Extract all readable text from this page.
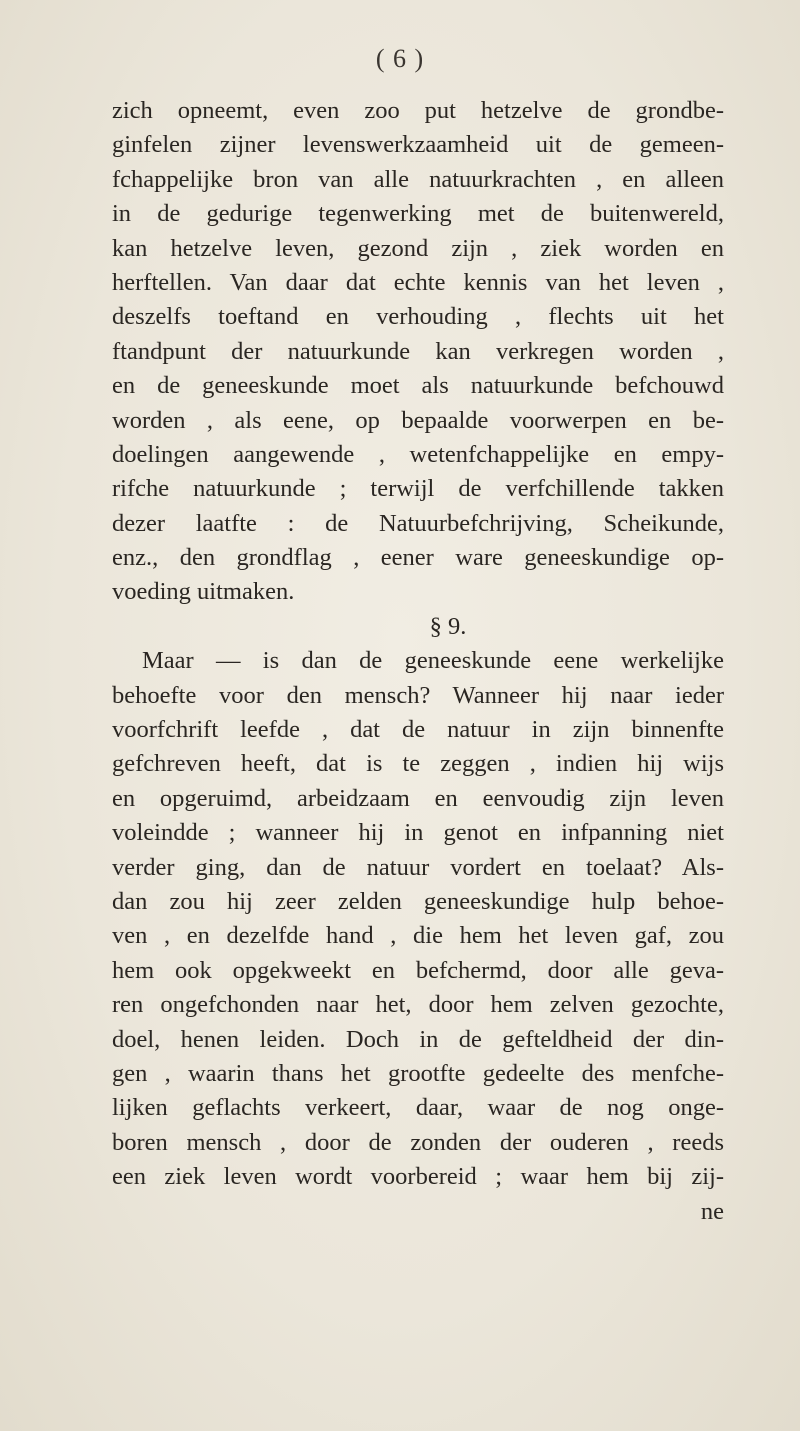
( 6 )
zich opneemt, even zoo put hetzelve de grondbe-
ginfelen zijner levenswerkzaamheid uit de gemeen-
fchappelijke bron van alle natuurkrachten , en alleen
in de gedurige tegenwerking met de buitenwereld,
kan hetzelve leven, gezond zijn , ziek worden en
herftellen. Van daar dat echte kennis van het leven ,
deszelfs toeftand en verhouding , flechts uit het
ftandpunt der natuurkunde kan verkregen worden ,
en de geneeskunde moet als natuurkunde befchouwd
worden , als eene, op bepaalde voorwerpen en be-
doelingen aangewende , wetenfchappelijke en empy-
rifche natuurkunde ; terwijl de verfchillende takken
dezer laatfte : de Natuurbefchrijving, Scheikunde,
enz., den grondflag , eener ware geneeskundige op-
voeding uitmaken.
§ 9.
Maar — is dan de geneeskunde eene werkelijke
behoefte voor den mensch? Wanneer hij naar ieder
voorfchrift leefde , dat de natuur in zijn binnenfte
gefchreven heeft, dat is te zeggen , indien hij wijs
en opgeruimd, arbeidzaam en eenvoudig zijn leven
voleindde ; wanneer hij in genot en infpanning niet
verder ging, dan de natuur vordert en toelaat? Als-
dan zou hij zeer zelden geneeskundige hulp behoe-
ven , en dezelfde hand , die hem het leven gaf, zou
hem ook opgekweekt en befchermd, door alle geva-
ren ongefchonden naar het, door hem zelven gezochte,
doel, henen leiden. Doch in de gefteldheid der din-
gen , waarin thans het grootfte gedeelte des menfche-
lijken geflachts verkeert, daar, waar de nog onge-
boren mensch , door de zonden der ouderen , reeds
een ziek leven wordt voorbereid ; waar hem bij zij-
ne
